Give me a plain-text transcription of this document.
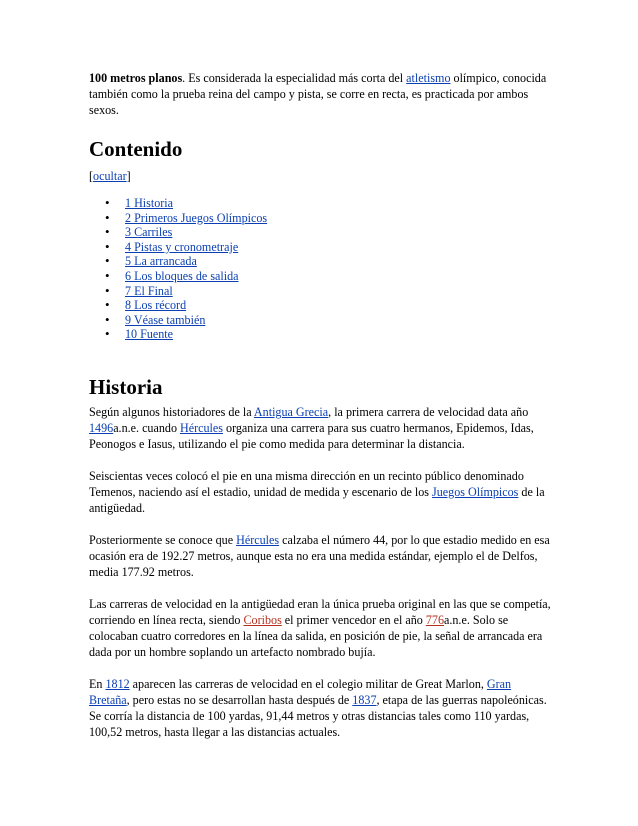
100 metros planos. Es considerada la especialidad más corta del atletismo olímpico, conocida también como la prueba reina del campo y pista, se corre en recta, es practicada por ambos sexos.

Contenido
[ocultar]
• 1 Historia
• 2 Primeros Juegos Olímpicos
• 3 Carriles
• 4 Pistas y cronometraje
• 5 La arrancada
• 6 Los bloques de salida
• 7 El Final
• 8 Los récord
• 9 Véase también
• 10 Fuente
Historia

Según algunos historiadores de la Antigua Grecia, la primera carrera de velocidad data año 1496a.n.e. cuando Hércules organiza una carrera para sus cuatro hermanos, Epidemos, Idas, Peonogos e Iasus, utilizando el pie como medida para determinar la distancia.

Seiscientas veces colocó el pie en una misma dirección en un recinto público denominado Temenos, naciendo así el estadio, unidad de medida y escenario de los Juegos Olímpicos de la antigüedad.

Posteriormente se conoce que Hércules calzaba el número 44, por lo que estadio medido en esa ocasión era de 192.27 metros, aunque esta no era una medida estándar, ejemplo el de Delfos, media 177.92 metros.

Las carreras de velocidad en la antigüedad eran la única prueba original en las que se competía, corriendo en línea recta, siendo Coribos el primer vencedor en el año 776a.n.e. Solo se colocaban cuatro corredores en la línea da salida, en posición de pie, la señal de arrancada era dada por un hombre soplando un artefacto nombrado bujía.

En 1812 aparecen las carreras de velocidad en el colegio militar de Great Marlon, Gran Bretaña, pero estas no se desarrollan hasta después de 1837, etapa de las guerras napoleónicas. Se corría la distancia de 100 yardas, 91,44 metros y otras distancias tales como 110 yardas, 100,52 metros, hasta llegar a las distancias actuales.
